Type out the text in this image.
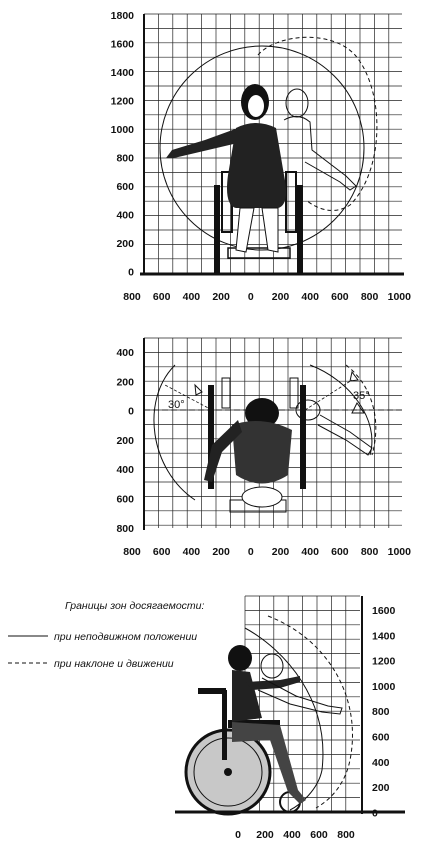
1800
1600
1400
1200
1000
800
600
400
200
0
800 600 400 200 0 200 400 600 800 1000
30°
35°
400
200
0
200
400
600
800
800 600 400 200 0 200 400 600 800 1000
Границы зон досягаемости:
при неподвижном положении
при наклоне и движении
1600
1400
1200
1000
800
600
400
200
0
0 200 400 600 800
